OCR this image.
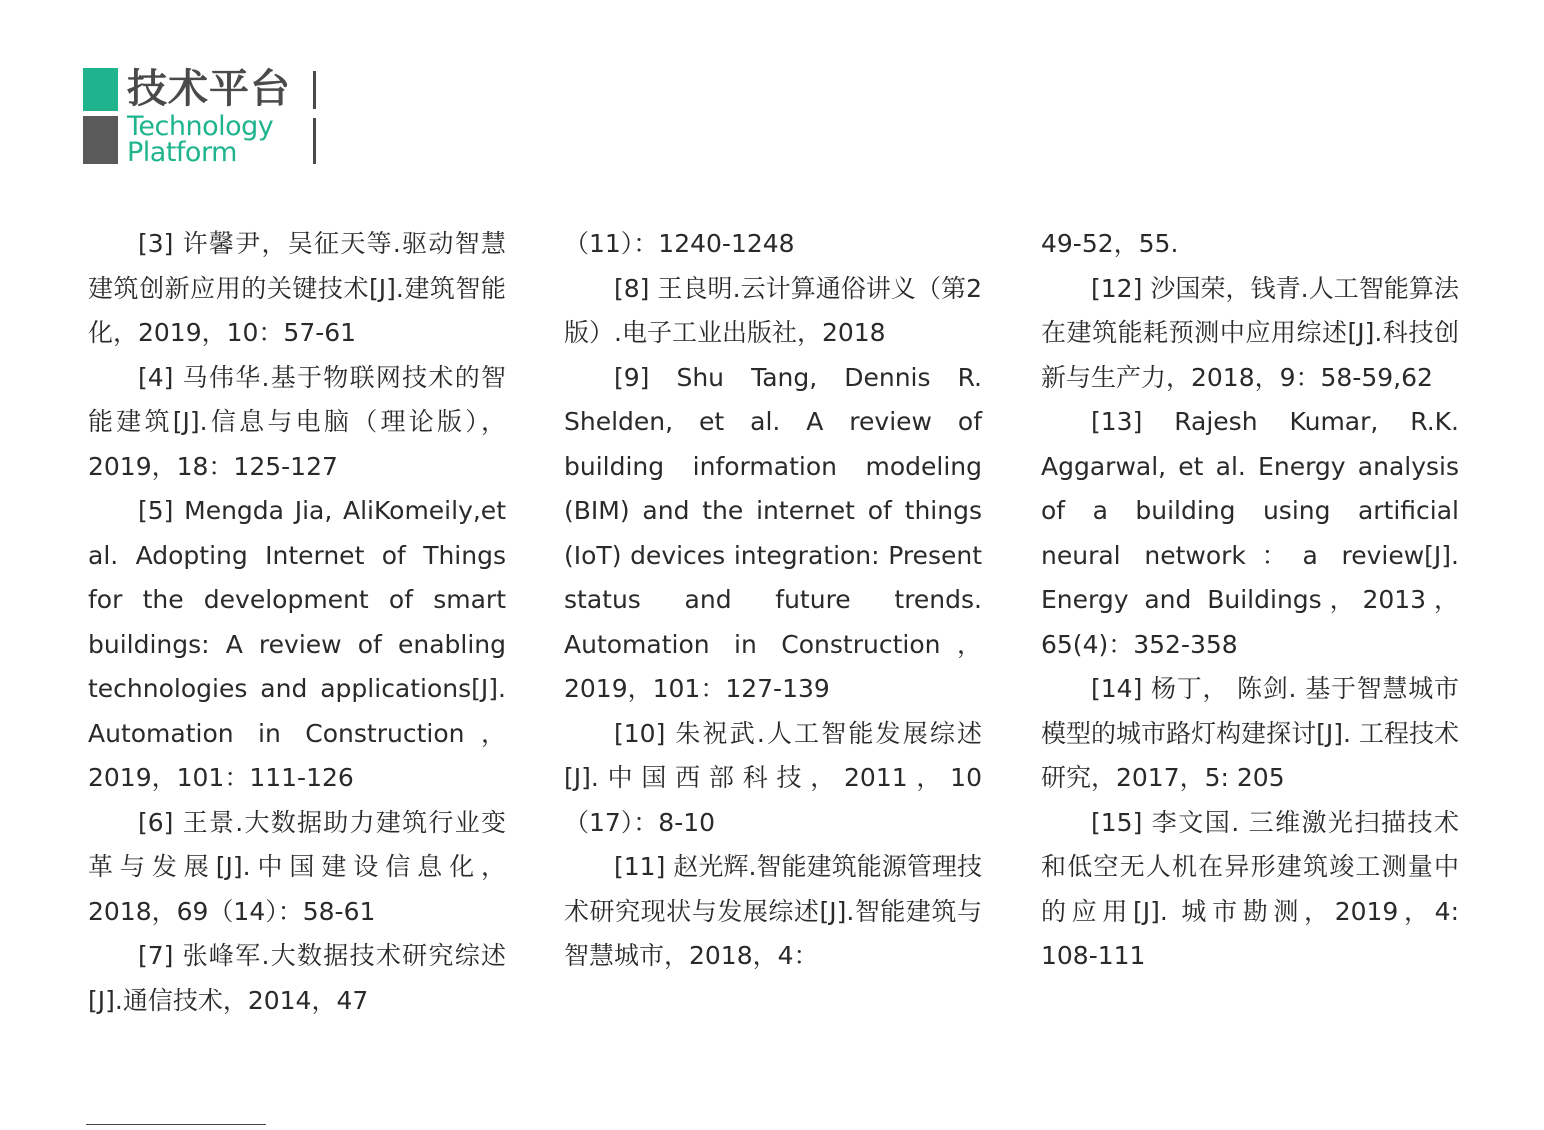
技术平台
Technology
Platform

[3] 许馨尹，吴征天等.驱动智慧建筑创新应用的关键技术[J].建筑智能化，2019，10：57-61

[4] 马伟华.基于物联网技术的智能建筑[J].信息与电脑（理论版），2019，18：125-127

[5] Mengda Jia, AliKomeily,et al. Adopting Internet of Things for the development of smart buildings: A review of enabling technologies and applications[J]. Automation in Construction，2019，101：111-126

[6] 王景.大数据助力建筑行业变革与发展[J].中国建设信息化，2018，69（14）：58-61

[7] 张峰军.大数据技术研究综述[J].通信技术，2014，47

（11）：1240-1248

[8] 王良明.云计算通俗讲义（第2版）.电子工业出版社，2018

[9] Shu Tang, Dennis R. Shelden, et al. A review of building information modeling (BIM) and the internet of things (IoT) devices integration: Present status and future trends. Automation in Construction，2019，101：127-139

[10] 朱祝武.人工智能发展综述[J].中国西部科技，2011，10（17）：8-10

[11] 赵光辉.智能建筑能源管理技术研究现状与发展综述[J].智能建筑与智慧城市，2018，4：

49-52，55.

[12] 沙国荣，钱青.人工智能算法在建筑能耗预测中应用综述[J].科技创新与生产力，2018，9：58-59,62

[13] Rajesh Kumar, R.K. Aggarwal, et al. Energy analysis of a building using artificial neural network：a review[J]. Energy and Buildings，2013，65(4)：352-358

[14] 杨丁， 陈剑. 基于智慧城市模型的城市路灯构建探讨[J]. 工程技术研究，2017，5: 205

[15] 李文国. 三维激光扫描技术和低空无人机在异形建筑竣工测量中的应用[J]. 城市勘测，2019，4: 108-111
